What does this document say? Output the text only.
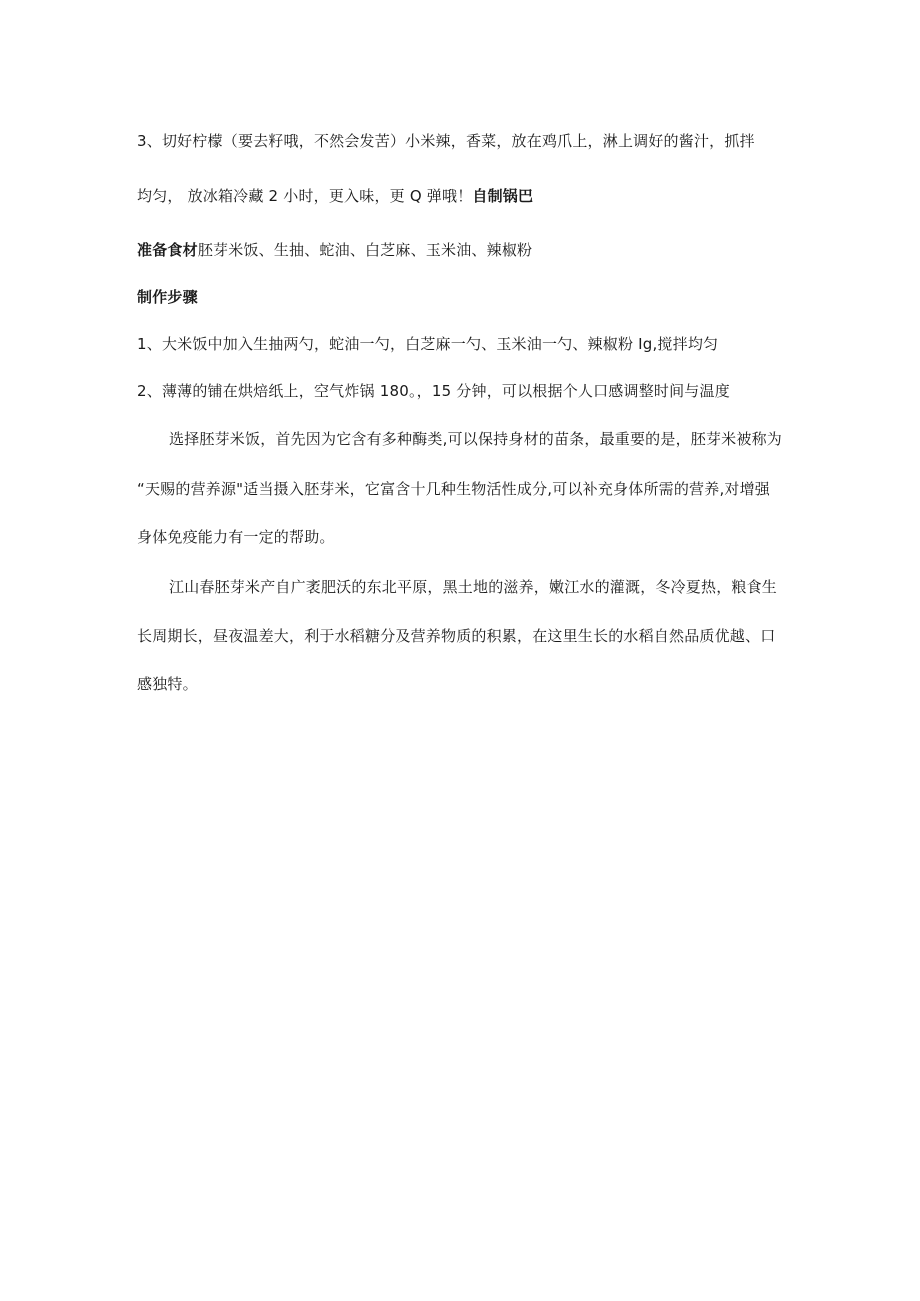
3、切好柠檬（要去籽哦，不然会发苦）小米辣，香菜，放在鸡爪上，淋上调好的酱汁，抓拌
均匀， 放冰箱冷藏 2 小时，更入味，更 Q 弹哦！自制锅巴
准备食材胚芽米饭、生抽、蛇油、白芝麻、玉米油、辣椒粉
制作步骤
1、大米饭中加入生抽两勺，蛇油一勺，白芝麻一勺、玉米油一勺、辣椒粉 Ig,搅拌均匀
2、薄薄的铺在烘焙纸上，空气炸锅 180。，15 分钟，可以根据个人口感调整时间与温度
选择胚芽米饭，首先因为它含有多种酶类,可以保持身材的苗条，最重要的是，胚芽米被称为
“天赐的营养源"适当摄入胚芽米，它富含十几种生物活性成分,可以补充身体所需的营养,对增强
身体免疫能力有一定的帮助。
江山春胚芽米产自广袤肥沃的东北平原，黑土地的滋养，嫩江水的灌溉，冬冷夏热，粮食生
长周期长，昼夜温差大，利于水稻糖分及营养物质的积累，在这里生长的水稻自然品质优越、口
感独特。
